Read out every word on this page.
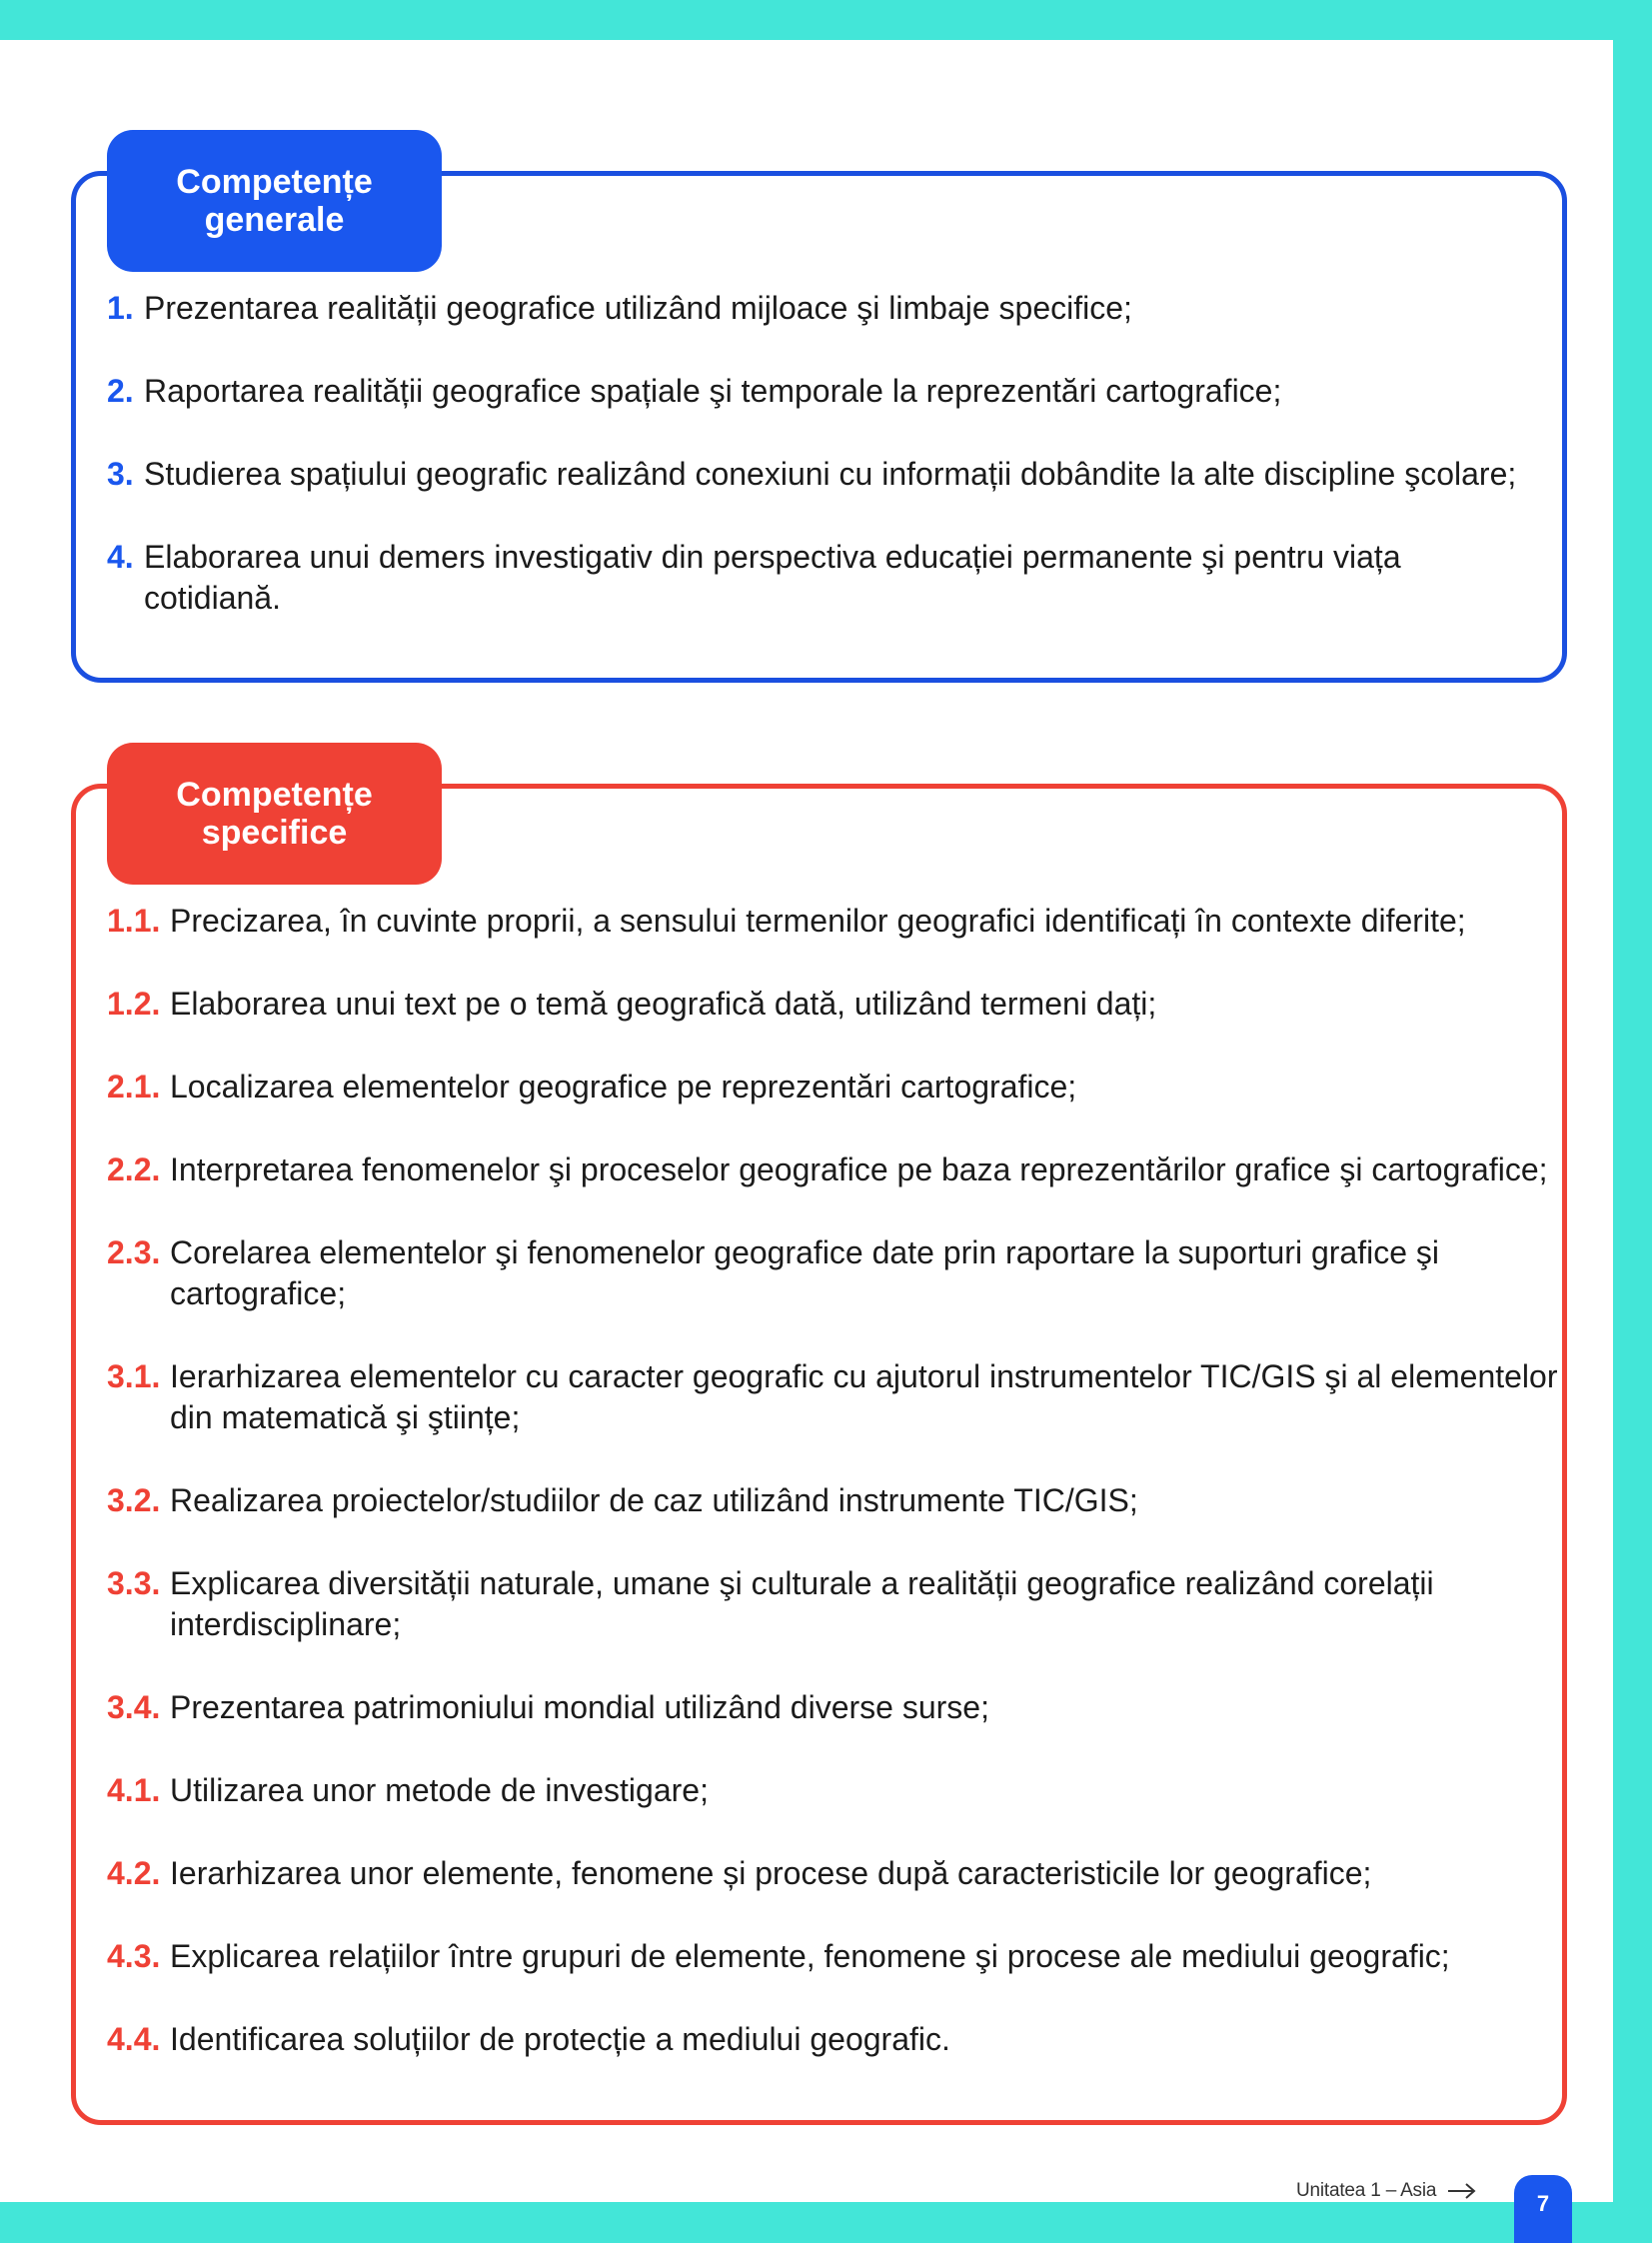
Competențe
generale
1. Prezentarea realității geografice utilizând mijloace şi limbaje specifice;
2. Raportarea realității geografice spațiale şi temporale la reprezentări cartografice;
3. Studierea spațiului geografic realizând conexiuni cu informații dobândite la alte discipline şcolare;
4. Elaborarea unui demers investigativ din perspectiva educației permanente şi pentru viața cotidiană.
Competențe
specifice
1.1. Precizarea, în cuvinte proprii, a sensului termenilor geografici identificați în contexte diferite;
1.2. Elaborarea unui text pe o temă geografică dată, utilizând termeni dați;
2.1. Localizarea elementelor geografice pe reprezentări cartografice;
2.2. Interpretarea fenomenelor şi proceselor geografice pe baza reprezentărilor grafice şi cartografice;
2.3. Corelarea elementelor şi fenomenelor geografice date prin raportare la suporturi grafice şi cartografice;
3.1. Ierarhizarea elementelor cu caracter geografic cu ajutorul instrumentelor TIC/GIS şi al elementelor din matematică şi ştiințe;
3.2. Realizarea proiectelor/studiilor de caz utilizând instrumente TIC/GIS;
3.3. Explicarea diversității naturale, umane şi culturale a realității geografice realizând corelații interdisciplinare;
3.4. Prezentarea patrimoniului mondial utilizând diverse surse;
4.1. Utilizarea unor metode de investigare;
4.2. Ierarhizarea unor elemente, fenomene și procese după caracteristicile lor geografice;
4.3. Explicarea relațiilor între grupuri de elemente, fenomene şi procese ale mediului geografic;
4.4. Identificarea soluțiilor de protecție a mediului geografic.
Unitatea 1 – Asia
7
